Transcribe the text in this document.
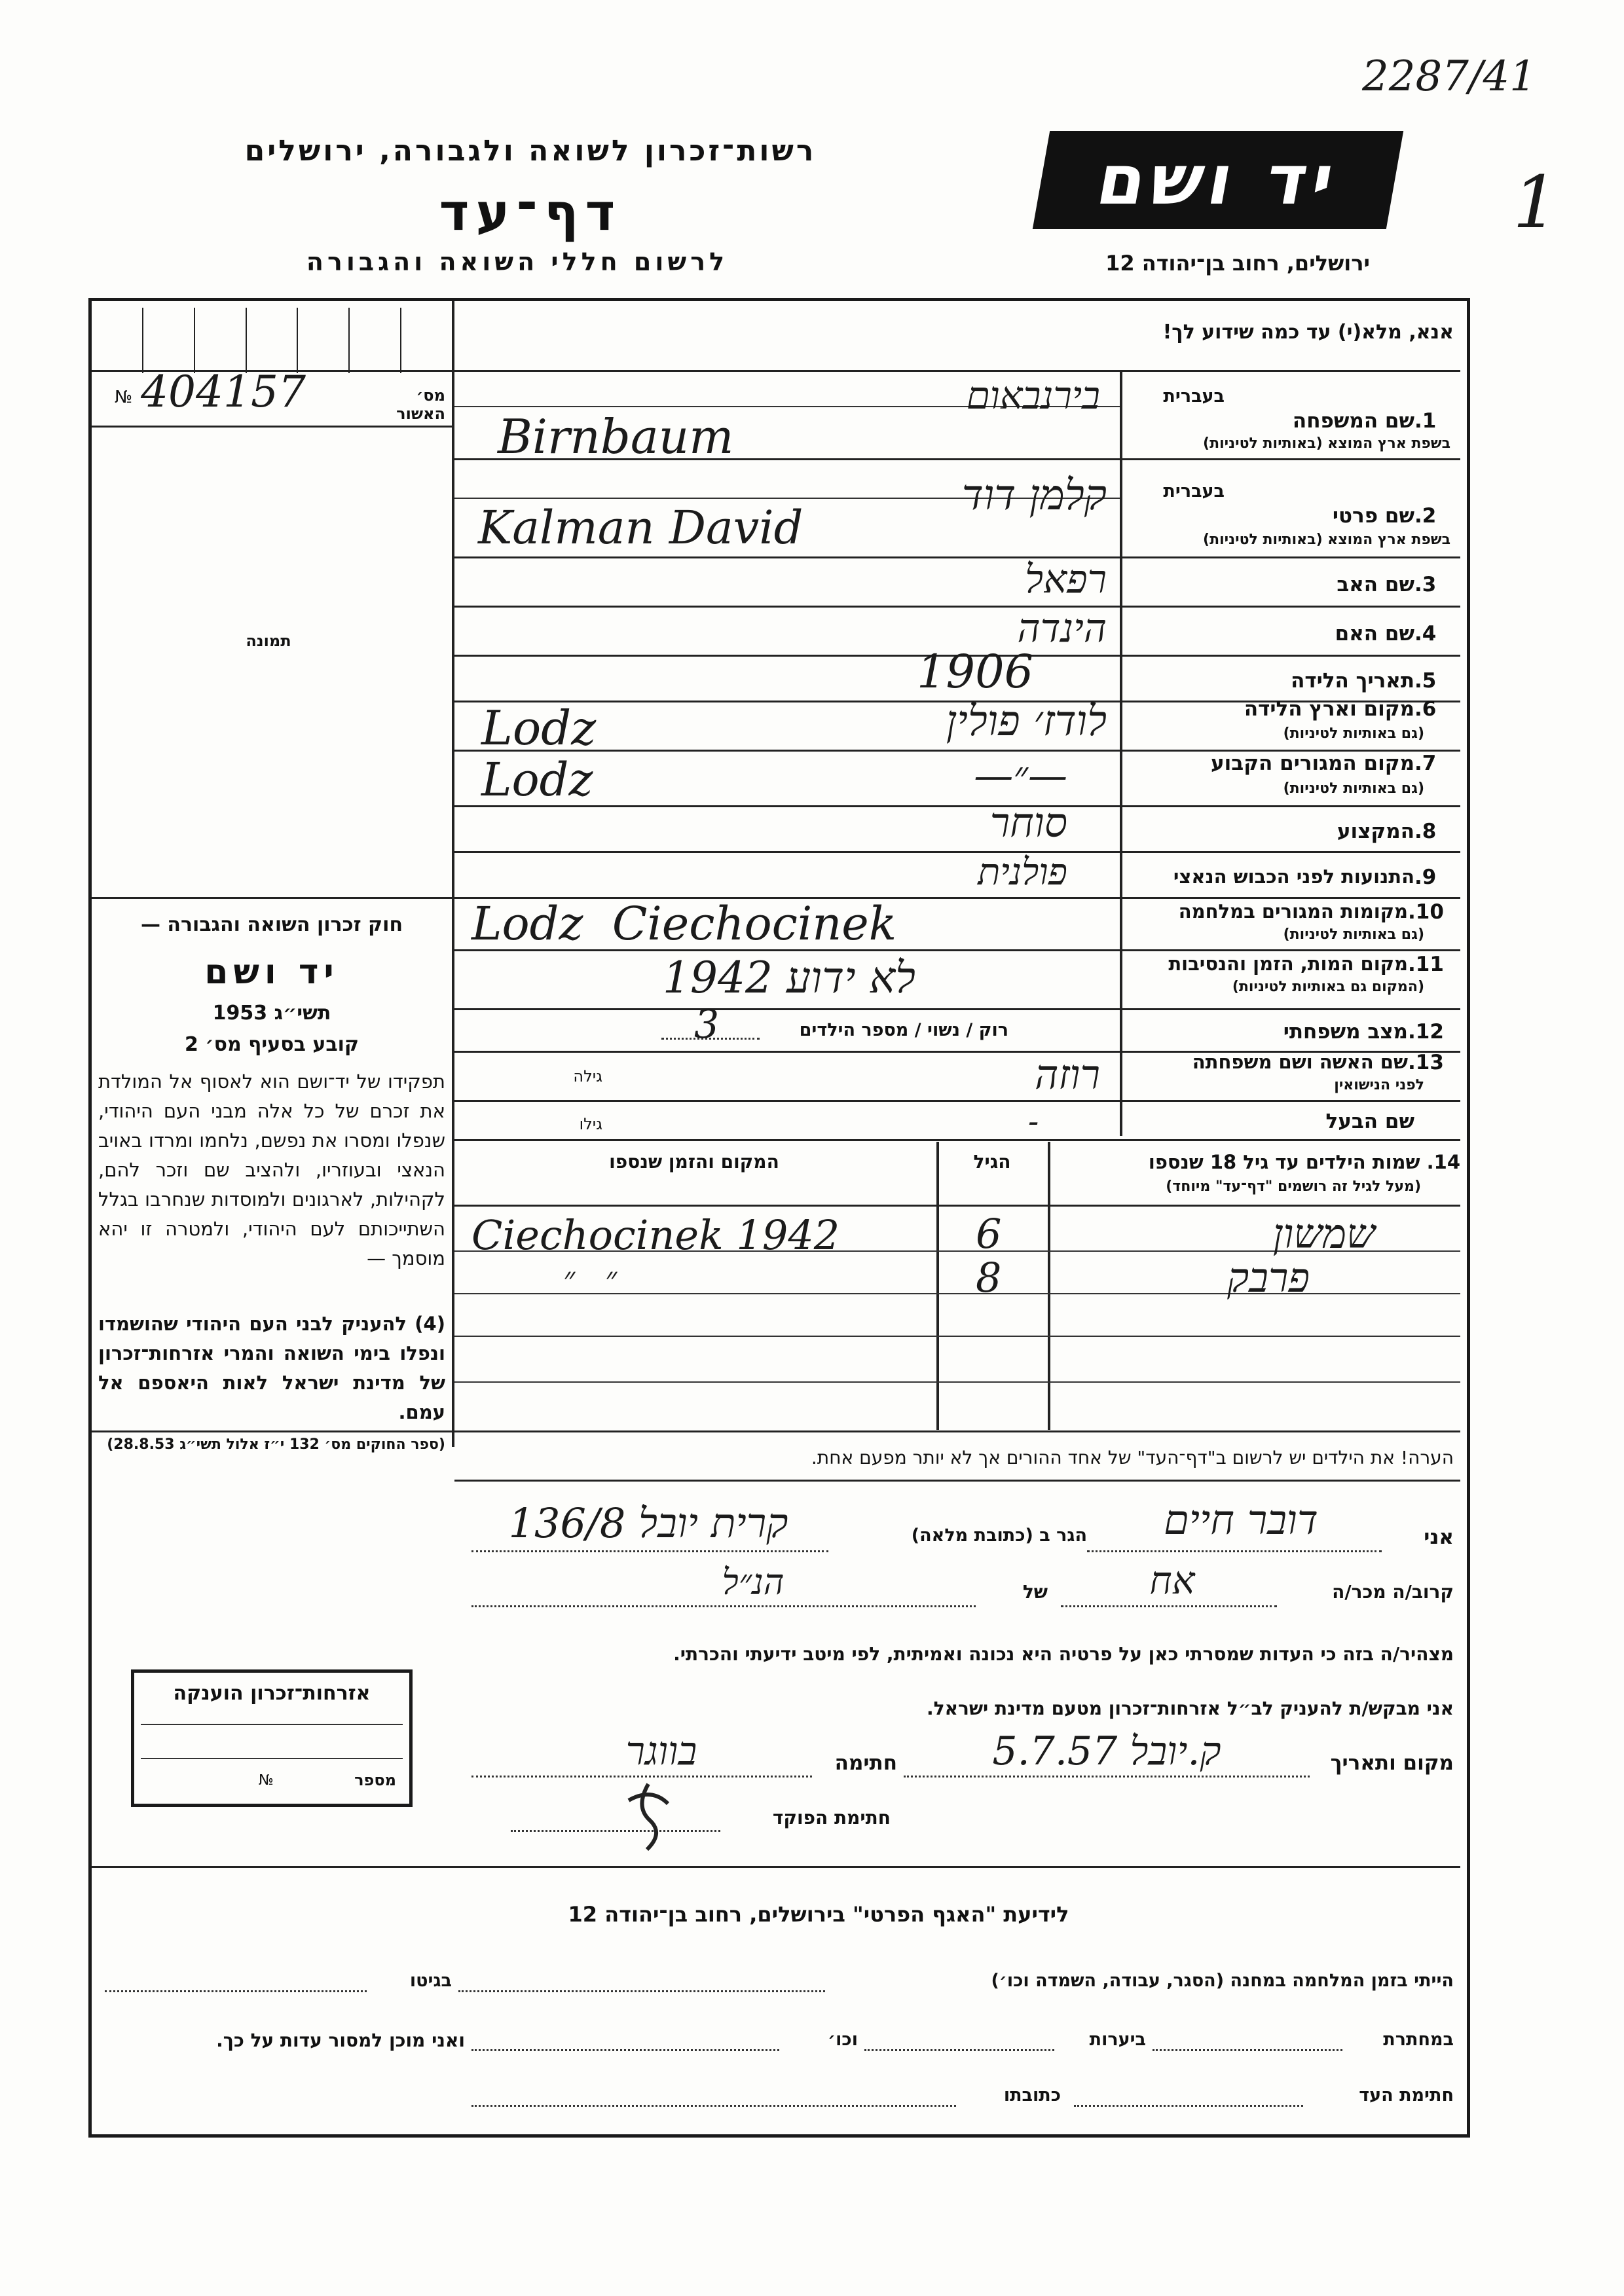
2287/41
1
רשות־זכרון לשואה ולגבורה, ירושלים
דף־עד
לרשום חללי השואה והגבורה
יד ושם
ירושלים, רחוב בן־יהודה 12
אנא, מלא(י) עד כמה שידוע לך!
מס׳ האשור
№ 404157
תמונה
1.
שם המשפחה
בעברית
בשפת ארץ המוצא (באותיות לטיניות)
בירנבאום
Birnbaum
2.
שם פרטי
בעברית
בשפת ארץ המוצא (באותיות לטיניות)
קלמן דוד
Kalman David
3.
שם האב
רפאל
4.
שם האם
הינדה
5.
תאריך הלידה
1906
6.
מקום וארץ הלידה
(גם באותיות לטיניות)
לודז׳ פולין
Lodz
7.
מקום המגורים הקבוע
(גם באותיות לטיניות)
—״—
Lodz
8.
המקצוע
סוחר
9.
התנועות לפני הכבוש הנאצי
פולנית
10.
מקומות המגורים במלחמה
(גם באותיות לטיניות)
Lodz  Ciechocinek
11.
מקום המות, הזמן והנסיבות
(המקום גם באותיות לטיניות)
לא ידוע 1942
12.
מצב משפחתי
רוק / נשוי / מספר הילדים
3
13.
שם האשה ושם משפחתה
לפני הנישואין
רוזה
גילה
שם הבעל
-
גילו
14. שמות הילדים עד גיל 18 שנספו
(מעל לגיל זה רושמים "דף־עד" מיוחד)
הגיל
המקום והזמן שנספו
שמשון
6
Ciechocinek 1942
פרבק
8
״   ״
חוק זכרון השואה והגבורה —
יד ושם
תשי״ג 1953
קובע בסעיף מס׳ 2
תפקידו של יד־ושם הוא לאסוף אל המולדת את זכרם של כל אלה מבני העם היהודי, שנפלו ומסרו את נפשם, נלחמו ומרדו באויב הנאצי ובעוזריו, ולהציב שם וזכר להם, לקהילות, לארגונים ולמוסדות שנחרבו בגלל השתייכותם לעם היהודי, ולמטרה זו יהא מוסמך —
(4) להעניק לבני העם היהודי שהושמדו ונפלו בימי השואה והמרי אזרחות־זכרון של מדינת ישראל לאות היאספם אל עמם.
(ספר החוקים מס׳ 132 י״ז אלול תשי״ג 28.8.53)
הערה! את הילדים יש לרשום ב"דף־העד" של אחד ההורים אך לא יותר מפעם אחת.
אני
דובר חיים
הגר ב (כתובת מלאה)
קרית יובל 136/8
קרוב/ה מכר/ה
אח
של
הנ״ל
מצהיר/ה בזה כי העדות שמסרתי כאן על פרטיה היא נכונה ואמיתית, לפי מיטב ידיעתי והכרתי.
אני מבקש/ת להעניק לב״ל אזרחות־זכרון מטעם מדינת ישראל.
מקום ותאריך
ק.יובל 5.7.57
חתימה
בווגר
חתימת הפוקד
אזרחות־זכרון הוענקה
מספר
№
לידיעת "האגף הפרטי" בירושלים, רחוב בן־יהודה 12
הייתי בזמן המלחמה במחנה (הסגר, עבודה, השמדה וכו׳)
בגיטו
במחתרת
ביערות
וכו׳
ואני מוכן למסור עדות על כך.
חתימת העד
כתובתו
